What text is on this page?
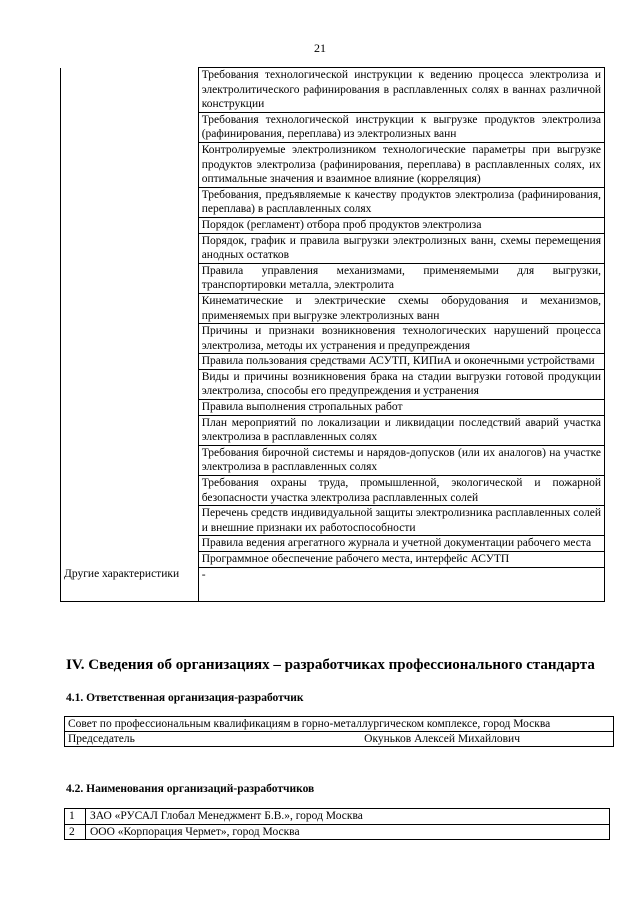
21
	Требования технологической инструкции к ведению процесса электролиза и электролитического рафинирования в расплавленных солях в ваннах различной конструкции
	Требования технологической инструкции к выгрузке продуктов электролиза (рафинирования, переплава) из электролизных ванн
	Контролируемые электролизником технологические параметры при выгрузке продуктов электролиза (рафинирования, переплава) в расплавленных солях, их оптимальные значения и взаимное влияние (корреляция)
	Требования, предъявляемые к качеству продуктов электролиза (рафинирования, переплава) в расплавленных солях
	Порядок (регламент) отбора проб продуктов электролиза
	Порядок, график и правила выгрузки электролизных ванн, схемы перемещения анодных остатков
	Правила управления механизмами, применяемыми для выгрузки, транспортировки металла, электролита
	Кинематические и электрические схемы оборудования и механизмов, применяемых при выгрузке электролизных ванн
	Причины и признаки возникновения технологических нарушений процесса электролиза, методы их устранения и предупреждения
	Правила пользования средствами АСУТП, КИПиА и оконечными устройствами
	Виды и причины возникновения брака на стадии выгрузки готовой продукции электролиза, способы его предупреждения и устранения
	Правила выполнения стропальных работ
	План мероприятий по локализации и ликвидации последствий аварий участка электролиза в расплавленных солях
	Требования бирочной системы и нарядов-допусков (или их аналогов) на участке электролиза в расплавленных солях
	Требования охраны труда, промышленной, экологической и пожарной безопасности участка электролиза расплавленных солей
	Перечень средств индивидуальной защиты электролизника расплавленных солей и внешние признаки их работоспособности
	Правила ведения агрегатного журнала и учетной документации рабочего места
	Программное обеспечение рабочего места, интерфейс АСУТП
Другие характеристики	-
IV. Сведения об организациях – разработчиках профессионального стандарта
4.1. Ответственная организация-разработчик
Совет по профессиональным квалификациям в горно-металлургическом комплексе, город Москва

Председатель	Окуньков Алексей Михайлович
4.2. Наименования организаций-разработчиков
1	ЗАО «РУСАЛ Глобал Менеджмент Б.В.», город Москва
2	ООО «Корпорация Чермет», город Москва
